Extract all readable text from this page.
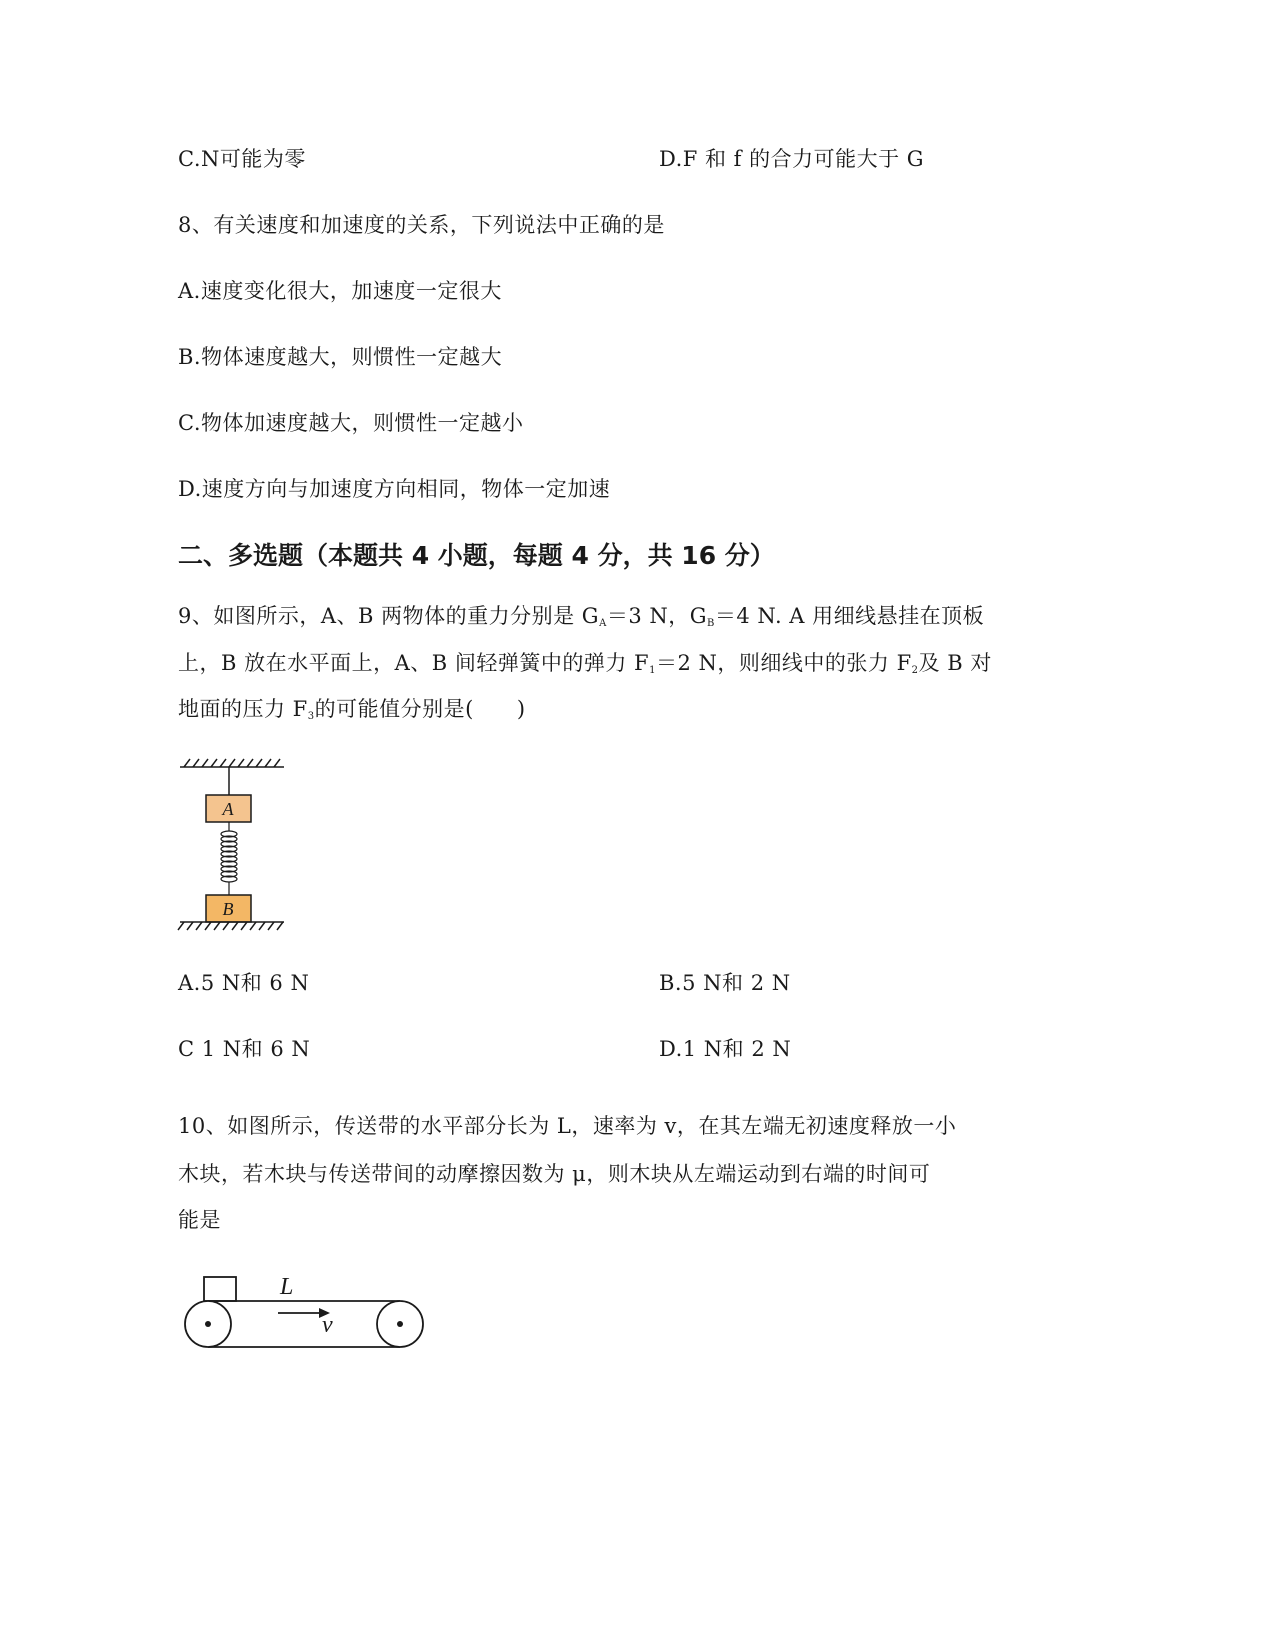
C.N可能为零	D.F 和 f 的合力可能大于 G
8、有关速度和加速度的关系，下列说法中正确的是
A.速度变化很大，加速度一定很大
B.物体速度越大，则惯性一定越大
C.物体加速度越大，则惯性一定越小
D.速度方向与加速度方向相同，物体一定加速
二、多选题（本题共 4 小题，每题 4 分，共 16 分）
9、如图所示，A、B 两物体的重力分别是 $G_A=3$ N，$G_B=4$ N. A 用细线悬挂在顶板
上，B 放在水平面上，A、B 间轻弹簧中的弹力 $F_1=2$ N，则细线中的张力 $F_2$及 B 对
地面的压力 $F_3$的可能值分别是(　　)
A
B
A.5 N和 6 N	B.5 N和 2 N
C 1 N和 6 N	D.1 N和 2 N
10、如图所示，传送带的水平部分长为 L，速率为 v，在其左端无初速度释放一小
木块，若木块与传送带间的动摩擦因数为 μ，则木块从左端运动到右端的时间可
能是
L
v
